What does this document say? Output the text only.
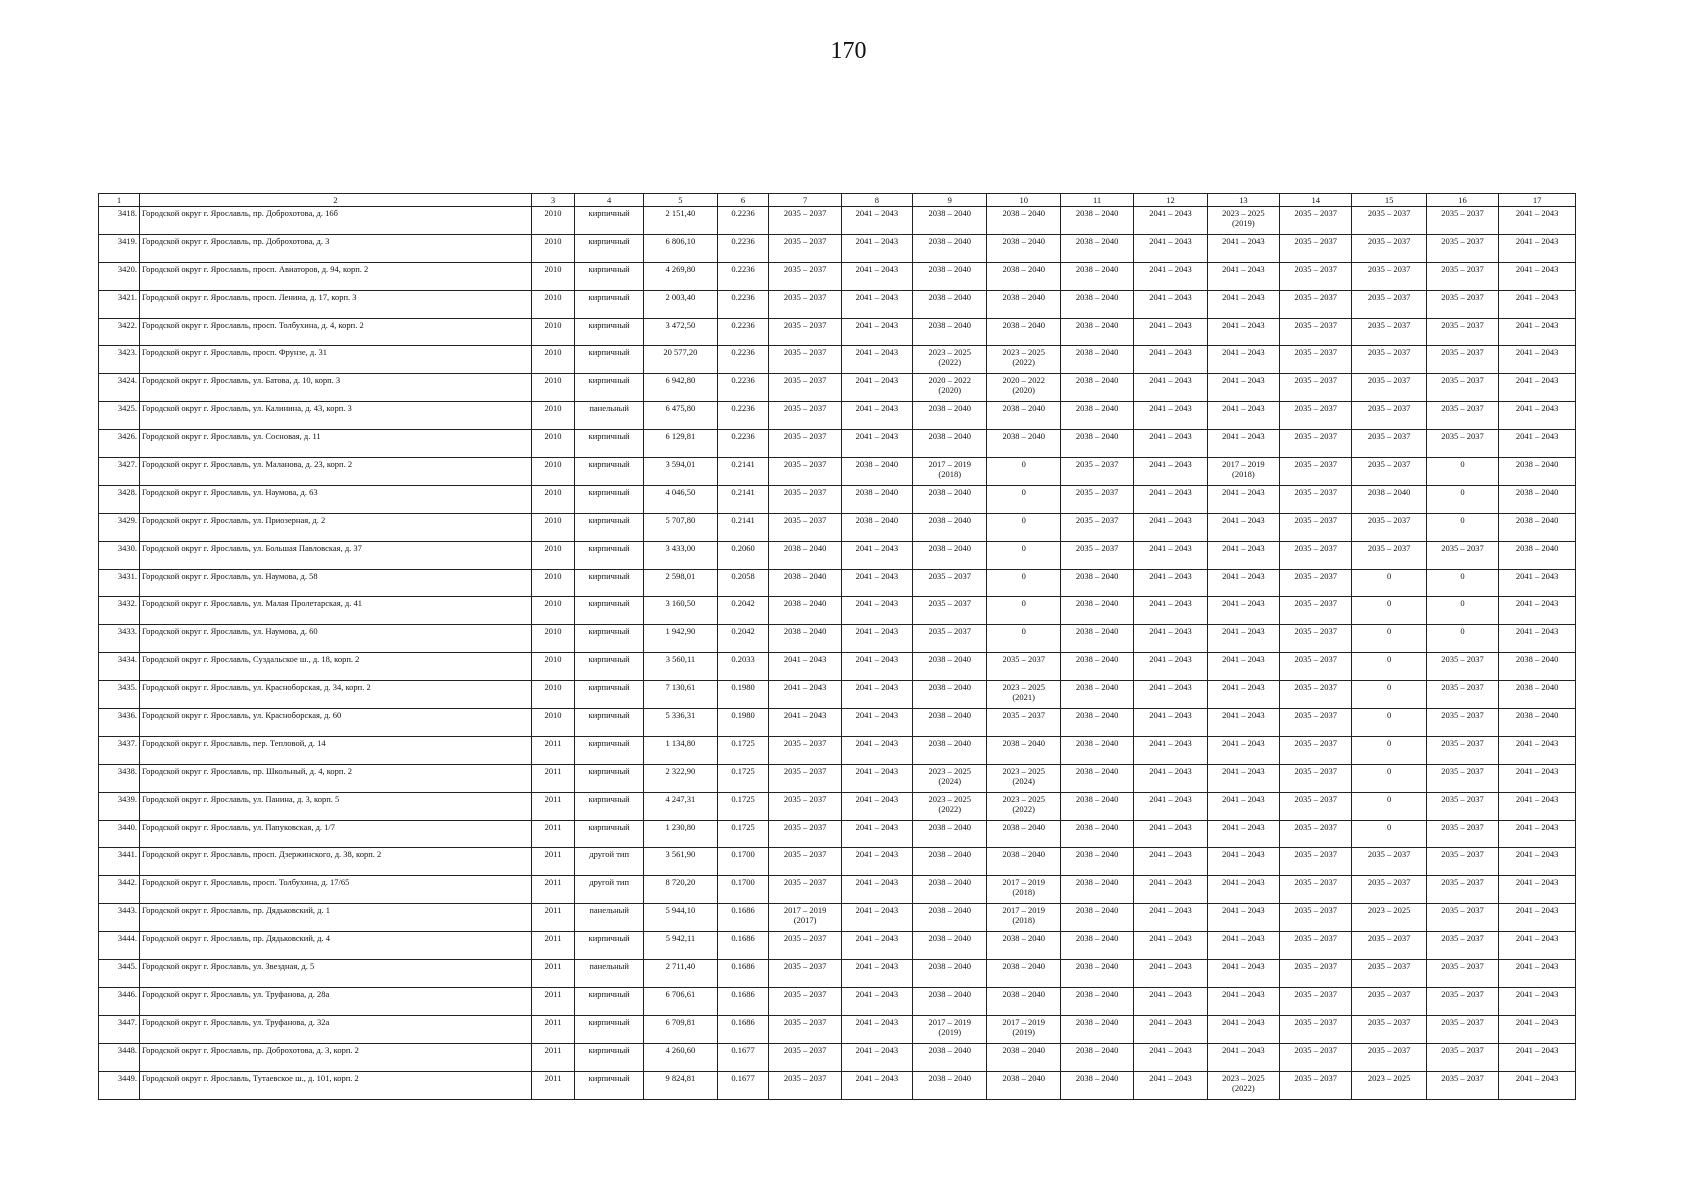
170
1	2	3	4	5	6	7	8	9	10	11	12	13	14	15	16	17
3418.	Городской округ г. Ярославль, пр. Доброхотова, д. 16б	2010	кирпичный	2 151,40	0.2236	2035 – 2037	2041 – 2043	2038 – 2040	2038 – 2040	2038 – 2040	2041 – 2043	2023 – 2025
(2019)	2035 – 2037	2035 – 2037	2035 – 2037	2041 – 2043
3419.	Городской округ г. Ярославль, пр. Доброхотова, д. 3	2010	кирпичный	6 806,10	0.2236	2035 – 2037	2041 – 2043	2038 – 2040	2038 – 2040	2038 – 2040	2041 – 2043	2041 – 2043	2035 – 2037	2035 – 2037	2035 – 2037	2041 – 2043
3420.	Городской округ г. Ярославль, просп. Авиаторов, д. 94, корп. 2	2010	кирпичный	4 269,80	0.2236	2035 – 2037	2041 – 2043	2038 – 2040	2038 – 2040	2038 – 2040	2041 – 2043	2041 – 2043	2035 – 2037	2035 – 2037	2035 – 2037	2041 – 2043
3421.	Городской округ г. Ярославль, просп. Ленина, д. 17, корп. 3	2010	кирпичный	2 003,40	0.2236	2035 – 2037	2041 – 2043	2038 – 2040	2038 – 2040	2038 – 2040	2041 – 2043	2041 – 2043	2035 – 2037	2035 – 2037	2035 – 2037	2041 – 2043
3422.	Городской округ г. Ярославль, просп. Толбухина, д. 4, корп. 2	2010	кирпичный	3 472,50	0.2236	2035 – 2037	2041 – 2043	2038 – 2040	2038 – 2040	2038 – 2040	2041 – 2043	2041 – 2043	2035 – 2037	2035 – 2037	2035 – 2037	2041 – 2043
3423.	Городской округ г. Ярославль, просп. Фрунзе, д. 31	2010	кирпичный	20 577,20	0.2236	2035 – 2037	2041 – 2043	2023 – 2025
(2022)	2023 – 2025
(2022)	2038 – 2040	2041 – 2043	2041 – 2043	2035 – 2037	2035 – 2037	2035 – 2037	2041 – 2043
3424.	Городской округ г. Ярославль, ул. Батова, д. 10, корп. 3	2010	кирпичный	6 942,80	0.2236	2035 – 2037	2041 – 2043	2020 – 2022
(2020)	2020 – 2022
(2020)	2038 – 2040	2041 – 2043	2041 – 2043	2035 – 2037	2035 – 2037	2035 – 2037	2041 – 2043
3425.	Городской округ г. Ярославль, ул. Калинина, д. 43, корп. 3	2010	панельный	6 475,80	0.2236	2035 – 2037	2041 – 2043	2038 – 2040	2038 – 2040	2038 – 2040	2041 – 2043	2041 – 2043	2035 – 2037	2035 – 2037	2035 – 2037	2041 – 2043
3426.	Городской округ г. Ярославль, ул. Сосновая, д. 11	2010	кирпичный	6 129,81	0.2236	2035 – 2037	2041 – 2043	2038 – 2040	2038 – 2040	2038 – 2040	2041 – 2043	2041 – 2043	2035 – 2037	2035 – 2037	2035 – 2037	2041 – 2043
3427.	Городской округ г. Ярославль, ул. Маланова, д. 23, корп. 2	2010	кирпичный	3 594,01	0.2141	2035 – 2037	2038 – 2040	2017 – 2019
(2018)	0	2035 – 2037	2041 – 2043	2017 – 2019
(2018)	2035 – 2037	2035 – 2037	0	2038 – 2040
3428.	Городской округ г. Ярославль, ул. Наумова, д. 63	2010	кирпичный	4 046,50	0.2141	2035 – 2037	2038 – 2040	2038 – 2040	0	2035 – 2037	2041 – 2043	2041 – 2043	2035 – 2037	2038 – 2040	0	2038 – 2040
3429.	Городской округ г. Ярославль, ул. Приозерная, д. 2	2010	кирпичный	5 707,80	0.2141	2035 – 2037	2038 – 2040	2038 – 2040	0	2035 – 2037	2041 – 2043	2041 – 2043	2035 – 2037	2035 – 2037	0	2038 – 2040
3430.	Городской округ г. Ярославль, ул. Большая Павловская, д. 37	2010	кирпичный	3 433,00	0.2060	2038 – 2040	2041 – 2043	2038 – 2040	0	2035 – 2037	2041 – 2043	2041 – 2043	2035 – 2037	2035 – 2037	2035 – 2037	2038 – 2040
3431.	Городской округ г. Ярославль, ул. Наумова, д. 58	2010	кирпичный	2 598,01	0.2058	2038 – 2040	2041 – 2043	2035 – 2037	0	2038 – 2040	2041 – 2043	2041 – 2043	2035 – 2037	0	0	2041 – 2043
3432.	Городской округ г. Ярославль, ул. Малая Пролетарская, д. 41	2010	кирпичный	3 160,50	0.2042	2038 – 2040	2041 – 2043	2035 – 2037	0	2038 – 2040	2041 – 2043	2041 – 2043	2035 – 2037	0	0	2041 – 2043
3433.	Городской округ г. Ярославль, ул. Наумова, д. 60	2010	кирпичный	1 942,90	0.2042	2038 – 2040	2041 – 2043	2035 – 2037	0	2038 – 2040	2041 – 2043	2041 – 2043	2035 – 2037	0	0	2041 – 2043
3434.	Городской округ г. Ярославль, Суздальское ш., д. 18, корп. 2	2010	кирпичный	3 560,11	0.2033	2041 – 2043	2041 – 2043	2038 – 2040	2035 – 2037	2038 – 2040	2041 – 2043	2041 – 2043	2035 – 2037	0	2035 – 2037	2038 – 2040
3435.	Городской округ г. Ярославль, ул. Красноборская, д. 34, корп. 2	2010	кирпичный	7 130,61	0.1980	2041 – 2043	2041 – 2043	2038 – 2040	2023 – 2025
(2021)	2038 – 2040	2041 – 2043	2041 – 2043	2035 – 2037	0	2035 – 2037	2038 – 2040
3436.	Городской округ г. Ярославль, ул. Красноборская, д. 60	2010	кирпичный	5 336,31	0.1980	2041 – 2043	2041 – 2043	2038 – 2040	2035 – 2037	2038 – 2040	2041 – 2043	2041 – 2043	2035 – 2037	0	2035 – 2037	2038 – 2040
3437.	Городской округ г. Ярославль, пер. Тепловой, д. 14	2011	кирпичный	1 134,80	0.1725	2035 – 2037	2041 – 2043	2038 – 2040	2038 – 2040	2038 – 2040	2041 – 2043	2041 – 2043	2035 – 2037	0	2035 – 2037	2041 – 2043
3438.	Городской округ г. Ярославль, пр. Школьный, д. 4, корп. 2	2011	кирпичный	2 322,90	0.1725	2035 – 2037	2041 – 2043	2023 – 2025
(2024)	2023 – 2025
(2024)	2038 – 2040	2041 – 2043	2041 – 2043	2035 – 2037	0	2035 – 2037	2041 – 2043
3439.	Городской округ г. Ярославль, ул. Панина, д. 3, корп. 5	2011	кирпичный	4 247,31	0.1725	2035 – 2037	2041 – 2043	2023 – 2025
(2022)	2023 – 2025
(2022)	2038 – 2040	2041 – 2043	2041 – 2043	2035 – 2037	0	2035 – 2037	2041 – 2043
3440.	Городской округ г. Ярославль, ул. Папуковская, д. 1/7	2011	кирпичный	1 230,80	0.1725	2035 – 2037	2041 – 2043	2038 – 2040	2038 – 2040	2038 – 2040	2041 – 2043	2041 – 2043	2035 – 2037	0	2035 – 2037	2041 – 2043
3441.	Городской округ г. Ярославль, просп. Дзержинского, д. 38, корп. 2	2011	другой тип	3 561,90	0.1700	2035 – 2037	2041 – 2043	2038 – 2040	2038 – 2040	2038 – 2040	2041 – 2043	2041 – 2043	2035 – 2037	2035 – 2037	2035 – 2037	2041 – 2043
3442.	Городской округ г. Ярославль, просп. Толбухина, д. 17/65	2011	другой тип	8 720,20	0.1700	2035 – 2037	2041 – 2043	2038 – 2040	2017 – 2019
(2018)	2038 – 2040	2041 – 2043	2041 – 2043	2035 – 2037	2035 – 2037	2035 – 2037	2041 – 2043
3443.	Городской округ г. Ярославль, пр. Дядьковский, д. 1	2011	панельный	5 944,10	0.1686	2017 – 2019
(2017)	2041 – 2043	2038 – 2040	2017 – 2019
(2018)	2038 – 2040	2041 – 2043	2041 – 2043	2035 – 2037	2023 – 2025	2035 – 2037	2041 – 2043
3444.	Городской округ г. Ярославль, пр. Дядьковский, д. 4	2011	кирпичный	5 942,11	0.1686	2035 – 2037	2041 – 2043	2038 – 2040	2038 – 2040	2038 – 2040	2041 – 2043	2041 – 2043	2035 – 2037	2035 – 2037	2035 – 2037	2041 – 2043
3445.	Городской округ г. Ярославль, ул. Звездная, д. 5	2011	панельный	2 711,40	0.1686	2035 – 2037	2041 – 2043	2038 – 2040	2038 – 2040	2038 – 2040	2041 – 2043	2041 – 2043	2035 – 2037	2035 – 2037	2035 – 2037	2041 – 2043
3446.	Городской округ г. Ярославль, ул. Труфанова, д. 28а	2011	кирпичный	6 706,61	0.1686	2035 – 2037	2041 – 2043	2038 – 2040	2038 – 2040	2038 – 2040	2041 – 2043	2041 – 2043	2035 – 2037	2035 – 2037	2035 – 2037	2041 – 2043
3447.	Городской округ г. Ярославль, ул. Труфанова, д. 32а	2011	кирпичный	6 709,81	0.1686	2035 – 2037	2041 – 2043	2017 – 2019
(2019)	2017 – 2019
(2019)	2038 – 2040	2041 – 2043	2041 – 2043	2035 – 2037	2035 – 2037	2035 – 2037	2041 – 2043
3448.	Городской округ г. Ярославль, пр. Доброхотова, д. 3, корп. 2	2011	кирпичный	4 260,60	0.1677	2035 – 2037	2041 – 2043	2038 – 2040	2038 – 2040	2038 – 2040	2041 – 2043	2041 – 2043	2035 – 2037	2035 – 2037	2035 – 2037	2041 – 2043
3449.	Городской округ г. Ярославль, Тутаевское ш., д. 101, корп. 2	2011	кирпичный	9 824,81	0.1677	2035 – 2037	2041 – 2043	2038 – 2040	2038 – 2040	2038 – 2040	2041 – 2043	2023 – 2025
(2022)	2035 – 2037	2023 – 2025	2035 – 2037	2041 – 2043
